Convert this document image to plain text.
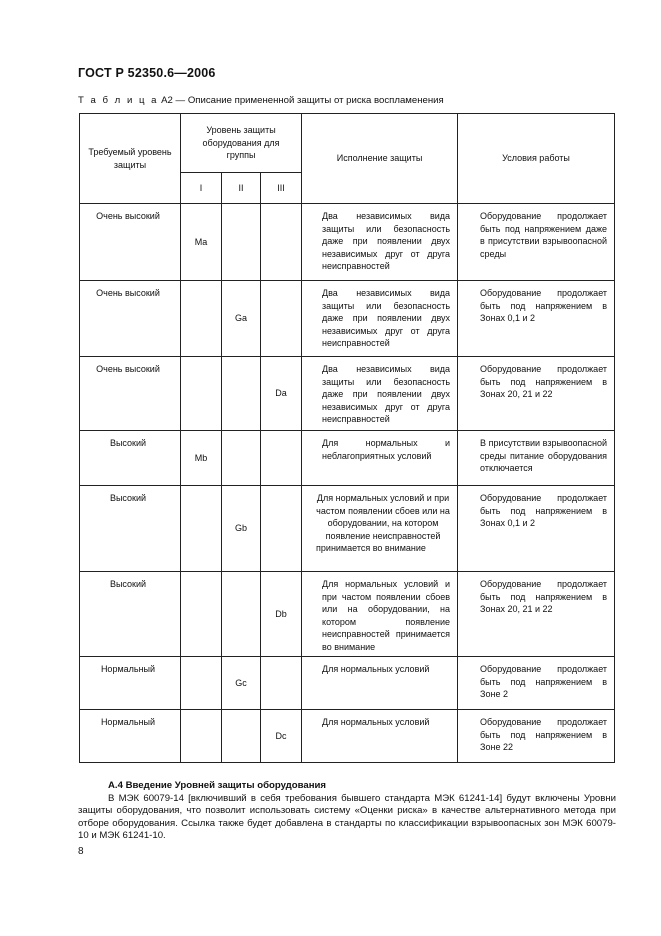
ГОСТ Р 52350.6—2006
Т а б л и ц а А2 — Описание примененной защиты от риска воспламенения
Требуемый уровень защиты	Уровень защиты оборудования для группы			Исполнение защиты	Условия работы
	I	II	III		
Очень высокий	Ma			Два независимых вида защиты или безопасность даже при появлении двух независимых друг от друга неисправностей	Оборудование продолжает быть под напряжением даже в присутствии взрывоопасной среды
Очень высокий		Ga		Два независимых вида защиты или безопасность даже при появлении двух независимых друг от друга неисправностей	Оборудование продолжает быть под напряжением в Зонах 0,1 и 2
Очень высокий			Da	Два независимых вида защиты или безопасность даже при появлении двух независимых друг от друга неисправностей	Оборудование продолжает быть под напряжением в Зонах 20, 21 и 22
Высокий	Mb			Для нормальных и неблагоприятных условий	В присутствии взрывоопасной среды питание оборудования отключается
Высокий		Gb		Для нормальных условий и при частом появлении сбоев или на оборудовании, на котором появление неисправностей принимается во внимание	Оборудование продолжает быть под напряжением в Зонах 0,1 и 2
Высокий			Db	Для нормальных условий и при частом появлении сбоев или на оборудовании, на котором появление неисправностей принимается во внимание	Оборудование продолжает быть под напряжением в Зонах 20, 21 и 22
Нормальный		Gc		Для нормальных условий	Оборудование продолжает быть под напряжением в Зоне 2
Нормальный			Dc	Для нормальных условий	Оборудование продолжает быть под напряжением в Зоне 22
А.4 Введение Уровней защиты оборудования

В МЭК 60079-14 [включивший в себя требования бывшего стандарта МЭК 61241-14] будут включены Уровни защиты оборудования, что позволит использовать систему «Оценки риска» в качестве альтернативного метода при отборе оборудования. Ссылка также будет добавлена в стандарты по классификации взрывоопасных зон МЭК 60079-10 и МЭК 61241-10.

8
